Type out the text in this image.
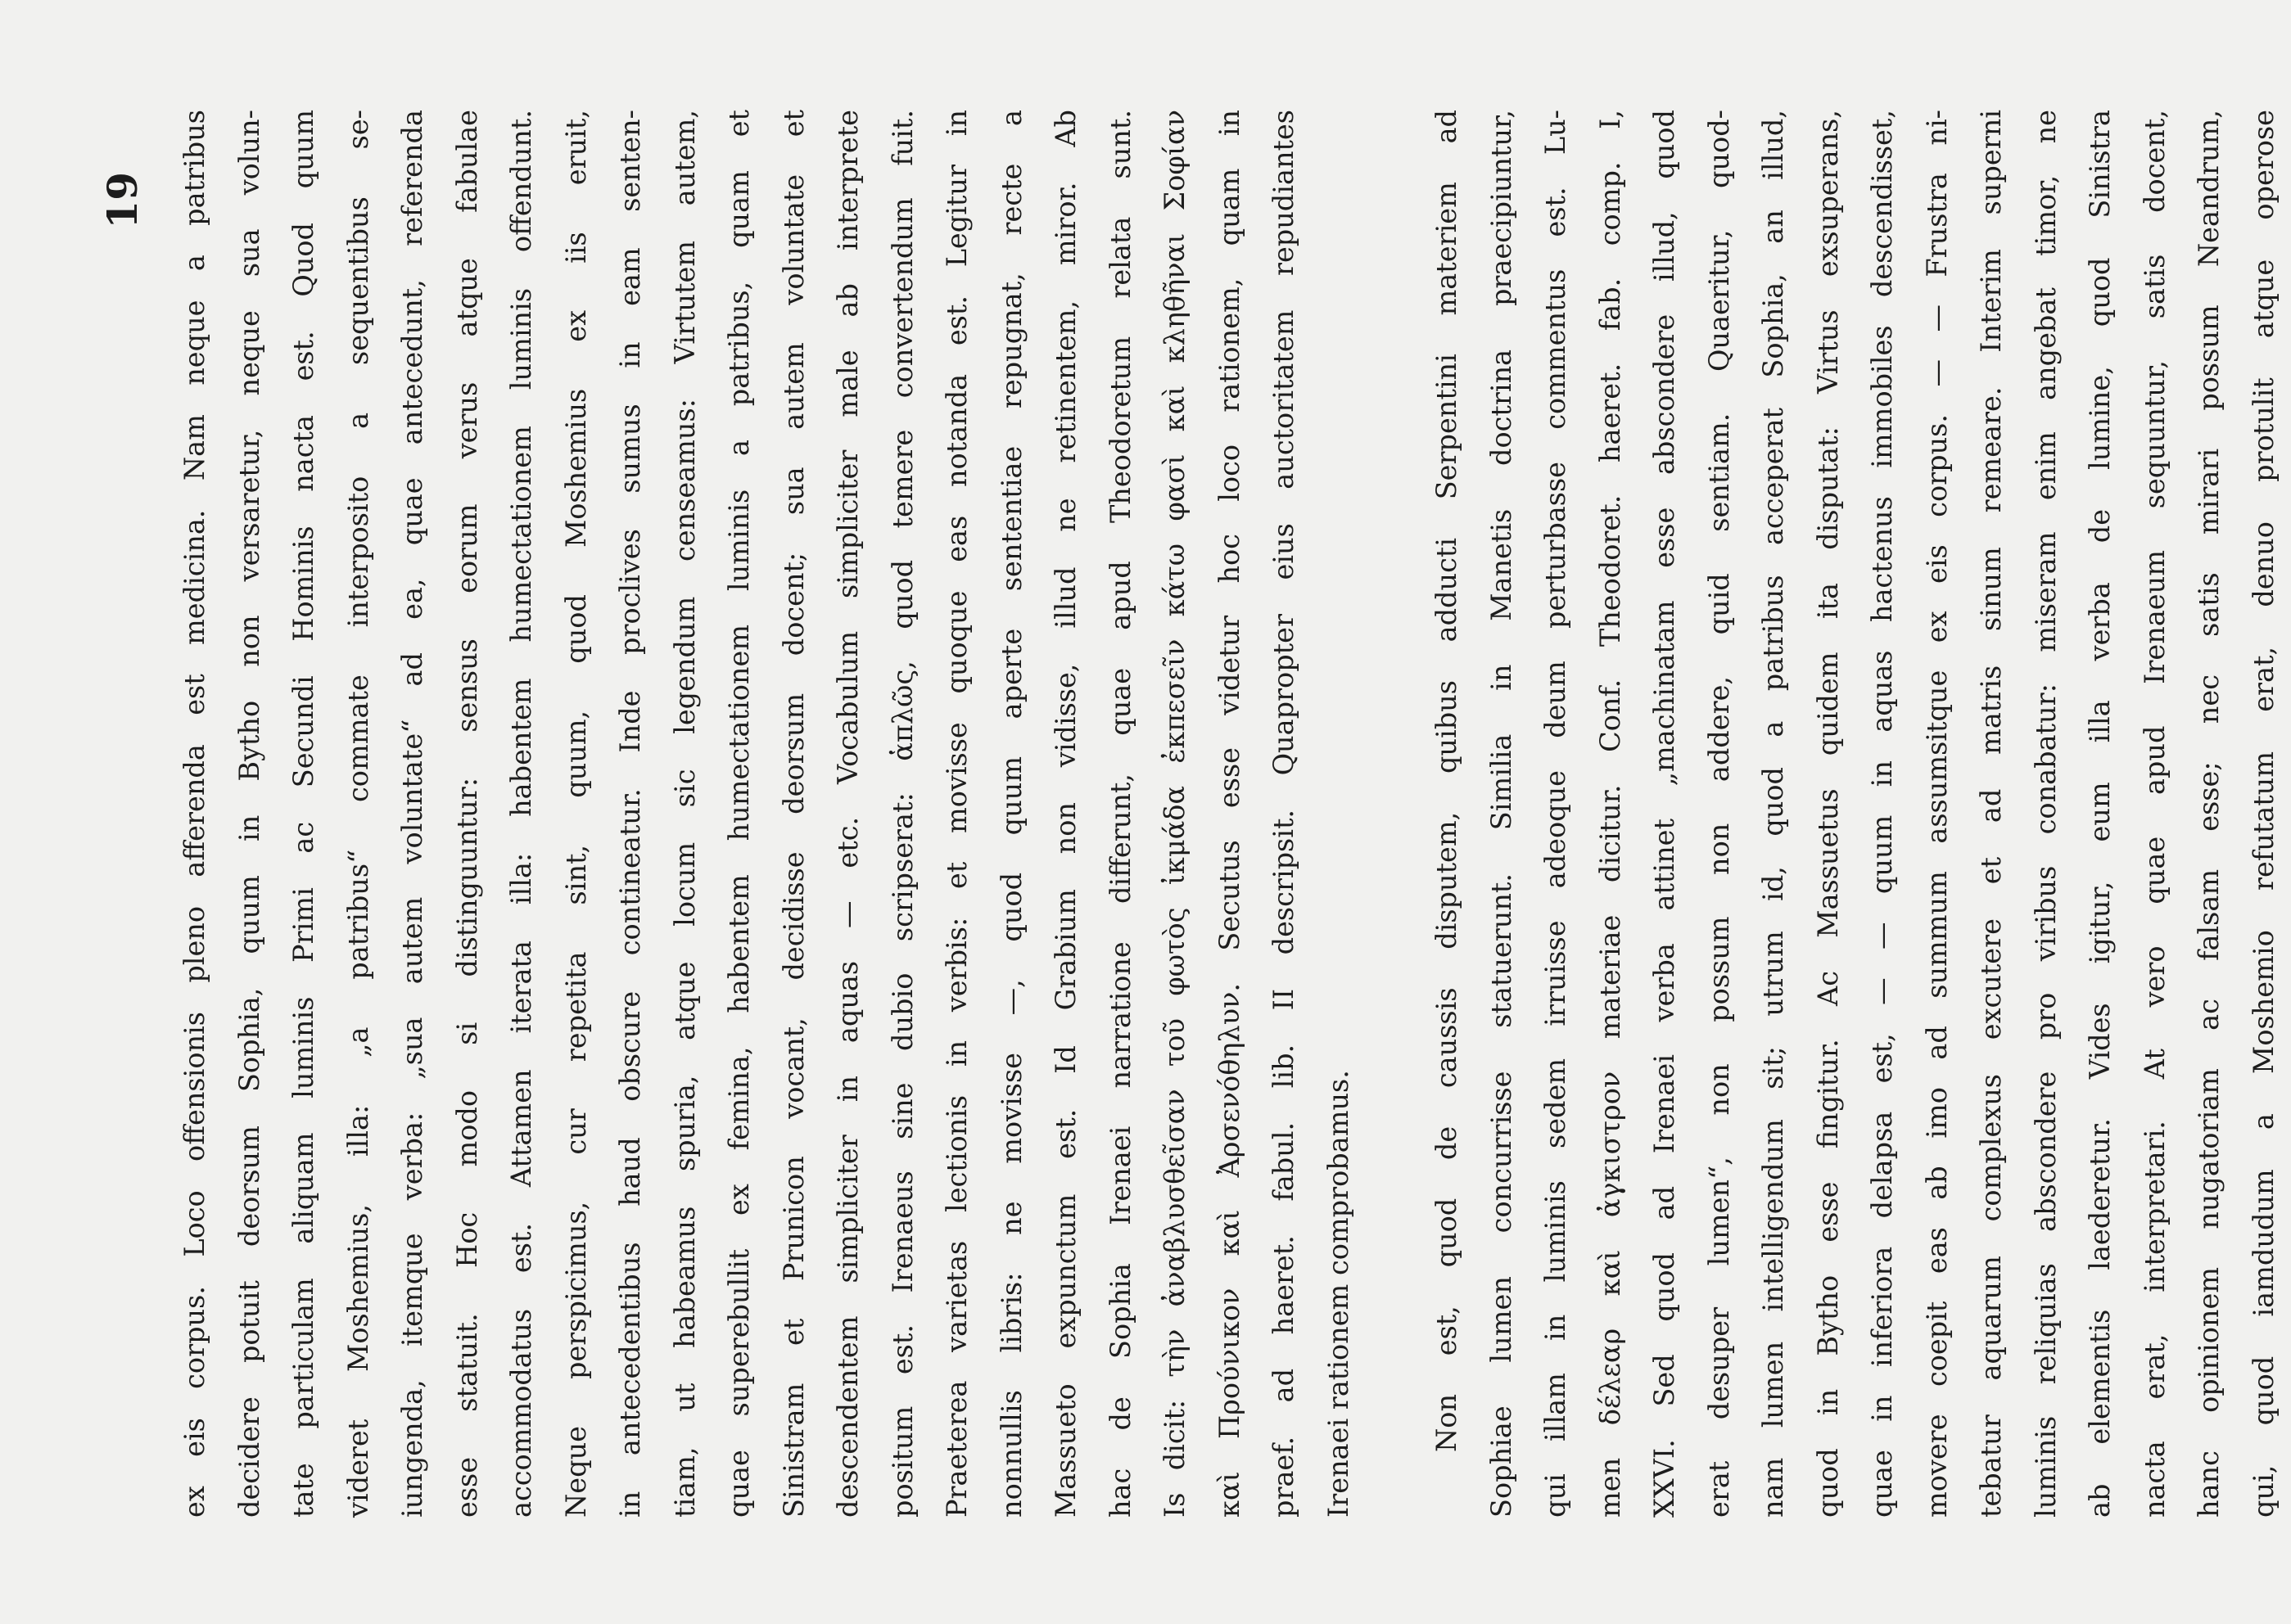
19	ex eis corpus. Loco offensionis pleno afferenda est medicina. Nam neque a patribus decidere potuit deorsum Sophia, quum in Bytho non versaretur, neque sua volun- tate particulam aliquam luminis Primi ac Secundi Hominis nacta est. Quod quum videret Moshemius, illa: „a patribus“ commate interposito a sequentibus se- iungenda, itemque verba: „sua autem voluntate“ ad ea, quae antecedunt, referenda esse statuit. Hoc modo si distinguuntur: sensus eorum verus atque fabulae accommodatus est. Attamen iterata illa: habentem humectationem luminis offendunt. Neque perspicimus, cur repetita sint, quum, quod Moshemius ex iis eruit, in antecedentibus haud obscure contineatur. Inde proclives sumus in eam senten- tiam, ut habeamus spuria, atque locum sic legendum censeamus: Virtutem autem, quae superebullit ex femina, habentem humectationem luminis a patribus, quam et Sinistram et Prunicon vocant, decidisse deorsum docent; sua autem voluntate et descendentem simpliciter in aquas — etc. Vocabulum simpliciter male ab interprete positum est. Irenaeus sine dubio scripserat: ἁπλῶς, quod temere convertendum fuit. Praeterea varietas lectionis in verbis: et movisse quoque eas notanda est. Legitur in nonnullis libris: ne movisse —, quod quum aperte sententiae repugnat, recte a Massueto expunctum est. Id Grabium non vidisse, illud ne retinentem, miror. Ab hac de Sophia Irenaei narratione differunt, quae apud Theodoretum relata sunt. Is dicit: τὴν ἀναβλυσθεῖσαν τοῦ φωτὸς ἰκμάδα ἐκπεσεῖν κάτω φασὶ καὶ κληθῆναι Σοφίαν καὶ Προύνικον καὶ Ἀρσενόθηλυν. Secutus esse videtur hoc loco rationem, quam in praef. ad haeret. fabul. lib. II descripsit. Quapropter eius auctoritatem repudiantes Irenaei rationem comprobamus.	Non est, quod de caussis disputem, quibus adducti Serpentini materiem ad Sophiae lumen concurrisse statuerunt. Similia in Manetis doctrina praecipiuntur, qui illam in luminis sedem irruisse adeoque deum perturbasse commentus est. Lu- men δέλεαρ καὶ ἀγκιστρον materiae dicitur. Conf. Theodoret. haeret. fab. comp. I, XXVI. Sed quod ad Irenaei verba attinet „machinatam esse abscondere illud, quod erat desuper lumen“, non possum non addere, quid sentiam. Quaeritur, quod- nam lumen intelligendum sit; utrum id, quod a patribus acceperat Sophia, an illud, quod in Bytho esse fingitur. Ac Massuetus quidem ita disputat: Virtus exsuperans, quae in inferiora delapsa est, — — quum in aquas hactenus immobiles descendisset, movere coepit eas ab imo ad summum assumsitque ex eis corpus. — — Frustra ni- tebatur aquarum complexus excutere et ad matris sinum remeare. Interim superni luminis reliquias abscondere pro viribus conabatur: miseram enim angebat timor, ne ab elementis laederetur. Vides igitur, eum illa verba de lumine, quod Sinistra nacta erat, interpretari. At vero quae apud Irenaeum sequuntur, satis docent, hanc opinionem nugatoriam ac falsam esse; nec satis mirari possum Neandrum, qui, quod iamdudum a Moshemio refutatum erat, denuo protulit atque operose
